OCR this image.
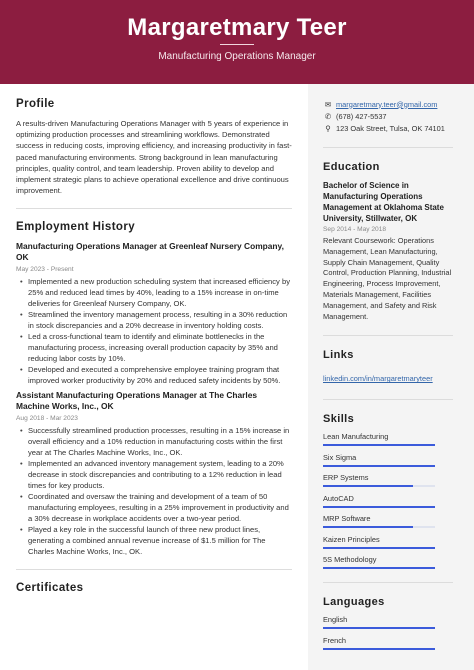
Margaretmary Teer
Manufacturing Operations Manager
Profile

A results-driven Manufacturing Operations Manager with 5 years of experience in optimizing production processes and streamlining workflows. Demonstrated success in reducing costs, improving efficiency, and increasing productivity in fast-paced manufacturing environments. Strong background in lean manufacturing principles, quality control, and team leadership. Proven ability to develop and implement strategic plans to achieve operational excellence and drive continuous improvement.

Employment History
Manufacturing Operations Manager at Greenleaf Nursery Company, OK
May 2023 - Present
• Implemented a new production scheduling system that increased efficiency by 25% and reduced lead times by 40%, leading to a 15% increase in on-time deliveries for Greenleaf Nursery Company, OK.
• Streamlined the inventory management process, resulting in a 30% reduction in stock discrepancies and a 20% decrease in inventory holding costs.
• Led a cross-functional team to identify and eliminate bottlenecks in the manufacturing process, increasing overall production capacity by 35% and reducing labor costs by 10%.
• Developed and executed a comprehensive employee training program that improved worker productivity by 20% and reduced safety incidents by 50%.
Assistant Manufacturing Operations Manager at The Charles Machine Works, Inc., OK
Aug 2018 - Mar 2023
• Successfully streamlined production processes, resulting in a 15% increase in overall efficiency and a 10% reduction in manufacturing costs within the first year at The Charles Machine Works, Inc., OK.
• Implemented an advanced inventory management system, leading to a 20% decrease in stock discrepancies and contributing to a 12% reduction in lead times for key products.
• Coordinated and oversaw the training and development of a team of 50 manufacturing employees, resulting in a 25% improvement in productivity and a 30% decrease in workplace accidents over a two-year period.
• Played a key role in the successful launch of three new product lines, generating a combined annual revenue increase of $1.5 million for The Charles Machine Works, Inc., OK.
Certificates
✉ margaretmary.teer@gmail.com
✆ (678) 427-5537
⚲ 123 Oak Street, Tulsa, OK 74101
Education
Bachelor of Science in Manufacturing Operations Management at Oklahoma State University, Stillwater, OK
Sep 2014 - May 2018
Relevant Coursework: Operations Management, Lean Manufacturing, Supply Chain Management, Quality Control, Production Planning, Industrial Engineering, Process Improvement, Materials Management, Facilities Management, and Safety and Risk Management.
Links
linkedin.com/in/margaretmaryteer
Skills
Lean Manufacturing
Six Sigma
ERP Systems
AutoCAD
MRP Software
Kaizen Principles
5S Methodology
Languages
English
French
